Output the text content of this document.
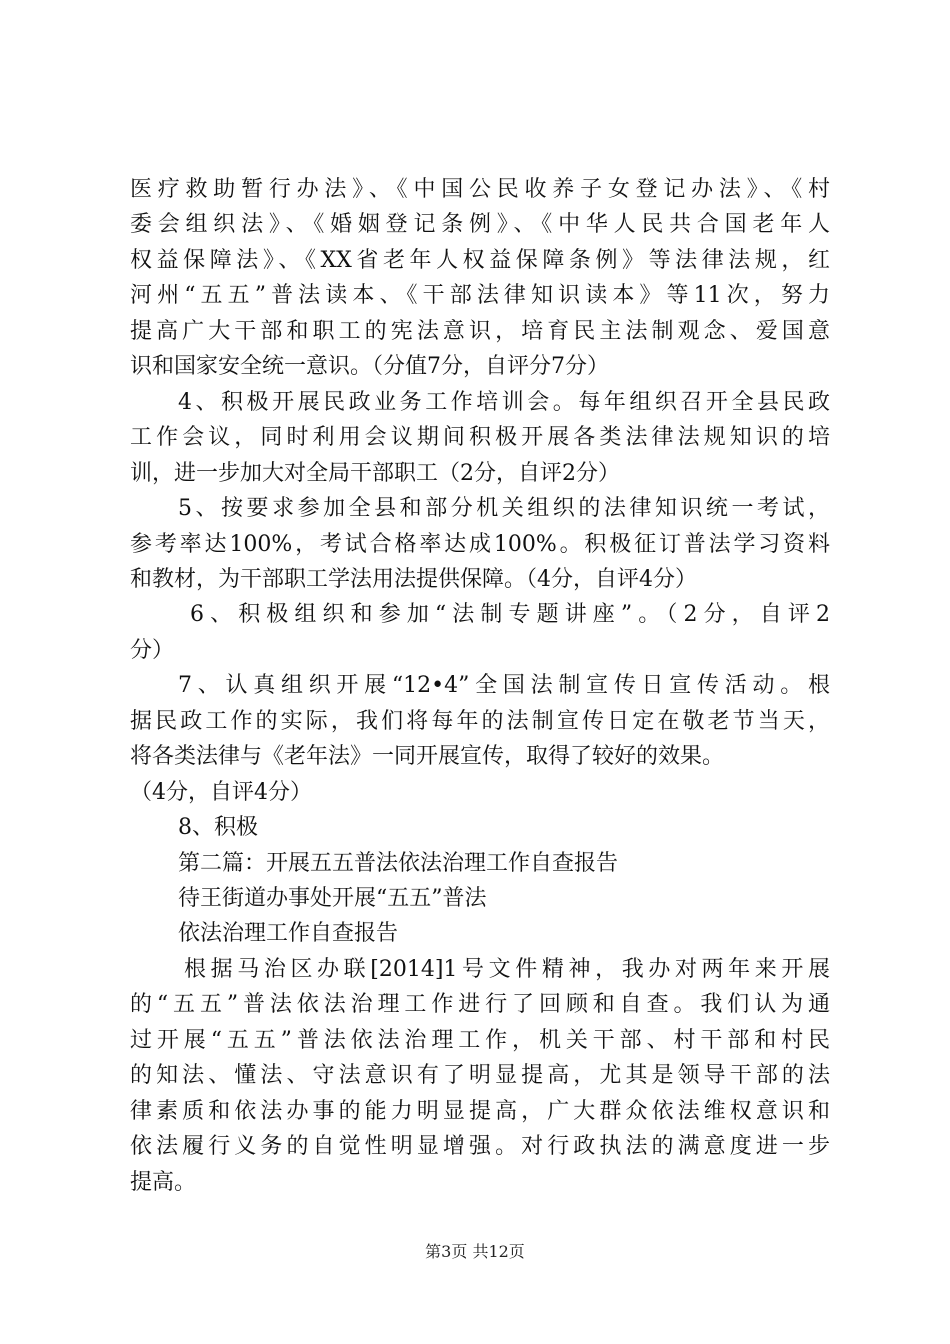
医疗救助暂行办法》、《中国公民收养子女登记办法》、《村
委会组织法》、《婚姻登记条例》、《中华人民共合国老年人
权益保障法》、《XX省老年人权益保障条例》等法律法规，红
河州“五五”普法读本、《干部法律知识读本》等11次，努力
提高广大干部和职工的宪法意识，培育民主法制观念、爱国意
识和国家安全统一意识。（分值7分，自评分7分）
4、积极开展民政业务工作培训会。每年组织召开全县民政
工作会议，同时利用会议期间积极开展各类法律法规知识的培
训，进一步加大对全局干部职工（2分，自评2分）
5、按要求参加全县和部分机关组织的法律知识统一考试，
参考率达100%，考试合格率达成100%。积极征订普法学习资料
和教材，为干部职工学法用法提供保障。（4分，自评4分）
6、积极组织和参加“法制专题讲座”。（2分，自评2
分）
7、认真组织开展“12•4”全国法制宣传日宣传活动。根
据民政工作的实际，我们将每年的法制宣传日定在敬老节当天，
将各类法律与《老年法》一同开展宣传，取得了较好的效果。
（4分，自评4分）
8、积极
第二篇：开展五五普法依法治理工作自查报告
待王街道办事处开展“五五”普法
依法治理工作自查报告
根据马治区办联[2014]1号文件精神，我办对两年来开展
的“五五”普法依法治理工作进行了回顾和自查。我们认为通
过开展“五五”普法依法治理工作，机关干部、村干部和村民
的知法、懂法、守法意识有了明显提高，尤其是领导干部的法
律素质和依法办事的能力明显提高，广大群众依法维权意识和
依法履行义务的自觉性明显增强。对行政执法的满意度进一步
提高。
第3页 共12页
